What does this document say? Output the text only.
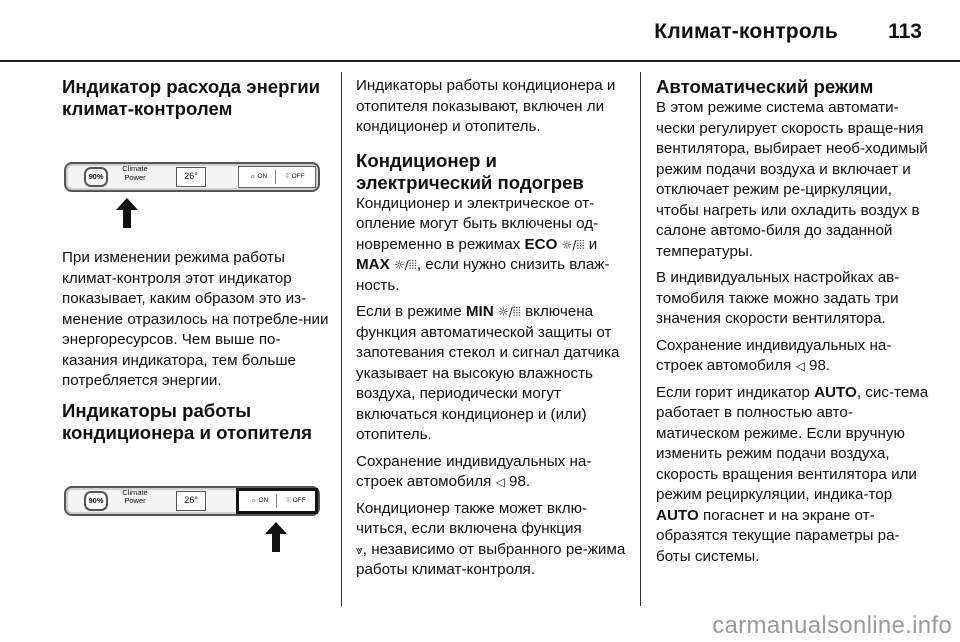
Климат-контроль 113
Индикатор расхода энергии климат-контролем
90%
Climate Power	26°	☼ ON	⦙⦙⦙ OFF

При изменении режима работы климат-контроля этот индикатор показывает, каким образом это из-менение отразилось на потребле-нии энергоресурсов. Чем выше по-казания индикатора, тем больше потребляется энергии.

Индикаторы работы кондиционера и отопителя
90%
Climate Power	26°	☼ ON	⦙⦙⦙ OFF

Индикаторы работы кондиционера и отопителя показывают, включен ли кондиционер и отопитель.

Кондиционер и электрический подогрев

Кондиционер и электрическое от-опление могут быть включены од-новременно в режимах ECO ☼/⦙⦙⦙ и
MAX ☼/⦙⦙⦙, если нужно снизить влаж-ность.

Если в режиме MIN ☼/⦙⦙⦙ включена функция автоматической защиты от запотевания стекол и сигнал датчика указывает на высокую влажность воздуха, периодически могут включаться кондиционер и (или) отопитель.

Сохранение индивидуальных на-строек автомобиля ◁ 98.

Кондиционер также может вклю-читься, если включена функция
⩔, независимо от выбранного ре-жима работы климат-контроля.

Автоматический режим

В этом режиме система автомати-чески регулирует скорость враще-ния вентилятора, выбирает необ-ходимый режим подачи воздуха и включает и отключает режим ре-циркуляции, чтобы нагреть или охладить воздух в салоне автомо-биля до заданной температуры.

В индивидуальных настройках ав-томобиля также можно задать три значения скорости вентилятора.

Сохранение индивидуальных на-строек автомобиля ◁ 98.

Если горит индикатор AUTO, сис-тема работает в полностью авто-матическом режиме. Если вручную изменить режим подачи воздуха, скорость вращения вентилятора или режим рециркуляции, индика-тор AUTO погаснет и на экране от-образятся текущие параметры ра-боты системы.

carmanualsonline.info
